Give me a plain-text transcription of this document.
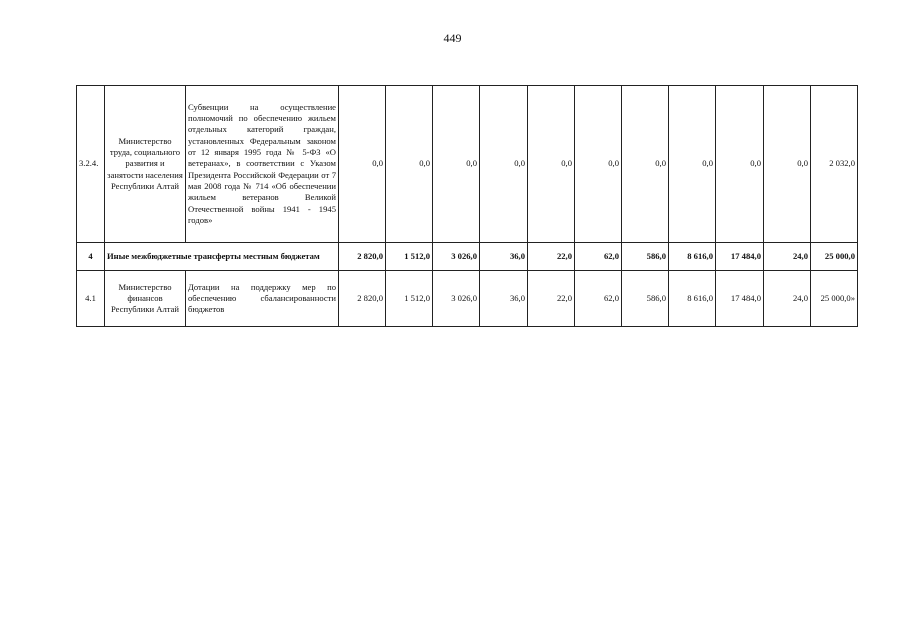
449
3.2.4.	Министерство труда, социального развития и занятости населения Республики Алтай	Субвенции на осуществление полномочий по обеспечению жильем отдельных категорий граждан, установленных Федеральным законом от 12 января 1995 года № 5-ФЗ «О ветеранах», в соответствии с Указом Президента Российской Федерации от 7 мая 2008 года № 714 «Об обеспечении жильем ветеранов Великой Отечественной войны 1941 - 1945 годов»	0,0	0,0	0,0	0,0	0,0	0,0	0,0	0,0	0,0	0,0	2 032,0
4	Иные межбюджетные трансферты местным бюджетам		2 820,0	1 512,0	3 026,0	36,0	22,0	62,0	586,0	8 616,0	17 484,0	24,0	25 000,0
4.1	Министерство финансов Республики Алтай	Дотации на поддержку мер по обеспечению сбалансированности бюджетов	2 820,0	1 512,0	3 026,0	36,0	22,0	62,0	586,0	8 616,0	17 484,0	24,0	25 000,0»
